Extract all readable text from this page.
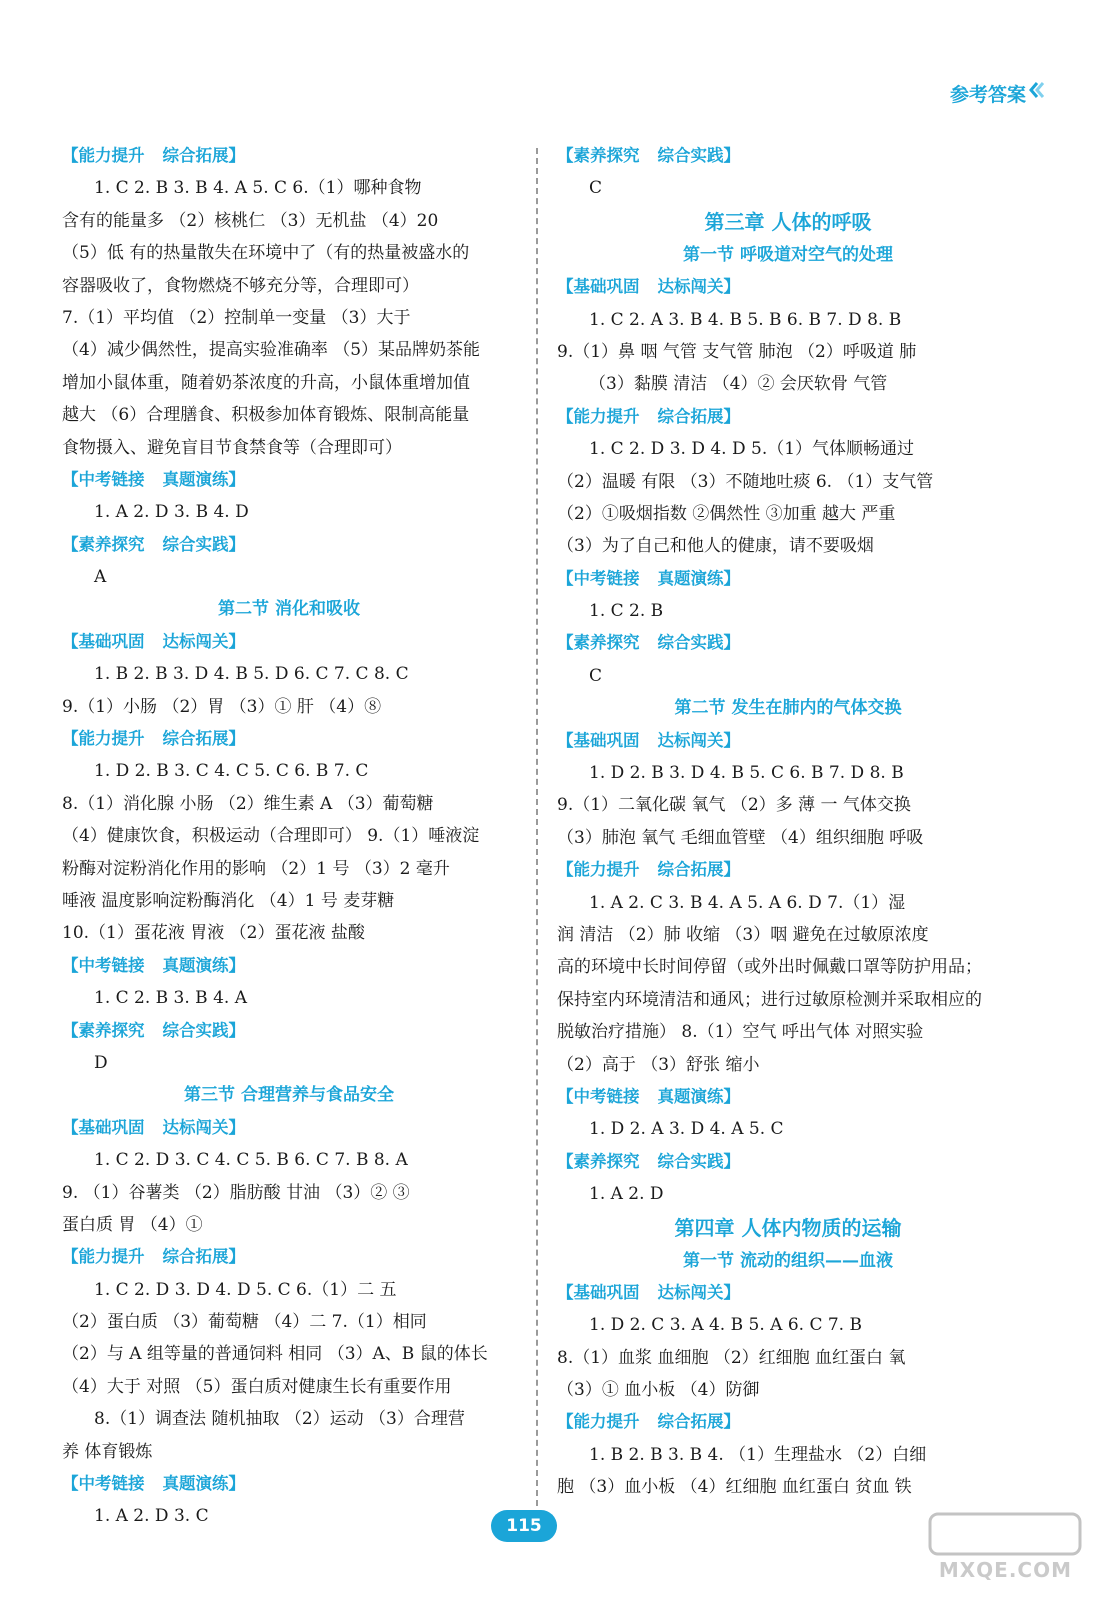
参考答案
【能力提升 综合拓展】
1. C 2. B 3. B 4. A 5. C 6.（1）哪种食物
含有的能量多 （2）核桃仁 （3）无机盐 （4）20
（5）低 有的热量散失在环境中了（有的热量被盛水的
容器吸收了，食物燃烧不够充分等，合理即可）
7.（1）平均值 （2）控制单一变量 （3）大于
（4）减少偶然性，提高实验准确率 （5）某品牌奶茶能
增加小鼠体重，随着奶茶浓度的升高，小鼠体重增加值
越大 （6）合理膳食、积极参加体育锻炼、限制高能量
食物摄入、避免盲目节食禁食等（合理即可）
【中考链接 真题演练】
1. A 2. D 3. B 4. D
【素养探究 综合实践】
A
第二节 消化和吸收
【基础巩固 达标闯关】
1. B 2. B 3. D 4. B 5. D 6. C 7. C 8. C
9.（1）小肠 （2）胃 （3）① 肝 （4）⑧
【能力提升 综合拓展】
1. D 2. B 3. C 4. C 5. C 6. B 7. C
8.（1）消化腺 小肠 （2）维生素 A （3）葡萄糖
（4）健康饮食，积极运动（合理即可） 9.（1）唾液淀
粉酶对淀粉消化作用的影响 （2）1 号 （3）2 毫升
唾液 温度影响淀粉酶消化 （4）1 号 麦芽糖
10.（1）蛋花液 胃液 （2）蛋花液 盐酸
【中考链接 真题演练】
1. C 2. B 3. B 4. A
【素养探究 综合实践】
D
第三节 合理营养与食品安全
【基础巩固 达标闯关】
1. C 2. D 3. C 4. C 5. B 6. C 7. B 8. A
9. （1）谷薯类 （2）脂肪酸 甘油 （3）② ③
蛋白质 胃 （4）①
【能力提升 综合拓展】
1. C 2. D 3. D 4. D 5. C 6.（1）二 五
（2）蛋白质 （3）葡萄糖 （4）二 7.（1）相同
（2）与 A 组等量的普通饲料 相同 （3）A、B 鼠的体长
（4）大于 对照 （5）蛋白质对健康生长有重要作用
8.（1）调查法 随机抽取 （2）运动 （3）合理营
养 体育锻炼
【中考链接 真题演练】
1. A 2. D 3. C
【素养探究 综合实践】
C
第三章 人体的呼吸
第一节 呼吸道对空气的处理
【基础巩固 达标闯关】
1. C 2. A 3. B 4. B 5. B 6. B 7. D 8. B
9.（1）鼻 咽 气管 支气管 肺泡 （2）呼吸道 肺
（3）黏膜 清洁 （4）② 会厌软骨 气管
【能力提升 综合拓展】
1. C 2. D 3. D 4. D 5.（1）气体顺畅通过
（2）温暖 有限 （3）不随地吐痰 6. （1）支气管
（2）①吸烟指数 ②偶然性 ③加重 越大 严重
（3）为了自己和他人的健康，请不要吸烟
【中考链接 真题演练】
1. C 2. B
【素养探究 综合实践】
C
第二节 发生在肺内的气体交换
【基础巩固 达标闯关】
1. D 2. B 3. D 4. B 5. C 6. B 7. D 8. B
9.（1）二氧化碳 氧气 （2）多 薄 一 气体交换
（3）肺泡 氧气 毛细血管壁 （4）组织细胞 呼吸
【能力提升 综合拓展】
1. A 2. C 3. B 4. A 5. A 6. D 7.（1）湿
润 清洁 （2）肺 收缩 （3）咽 避免在过敏原浓度
高的环境中长时间停留（或外出时佩戴口罩等防护用品；
保持室内环境清洁和通风；进行过敏原检测并采取相应的
脱敏治疗措施） 8.（1）空气 呼出气体 对照实验
（2）高于 （3）舒张 缩小
【中考链接 真题演练】
1. D 2. A 3. D 4. A 5. C
【素养探究 综合实践】
1. A 2. D
第四章 人体内物质的运输
第一节 流动的组织——血液
【基础巩固 达标闯关】
1. D 2. C 3. A 4. B 5. A 6. C 7. B
8.（1）血浆 血细胞 （2）红细胞 血红蛋白 氧
（3）① 血小板 （4）防御
【能力提升 综合拓展】
1. B 2. B 3. B 4. （1）生理盐水 （2）白细
胞 （3）血小板 （4）红细胞 血红蛋白 贫血 铁
115
MXQE.COM
